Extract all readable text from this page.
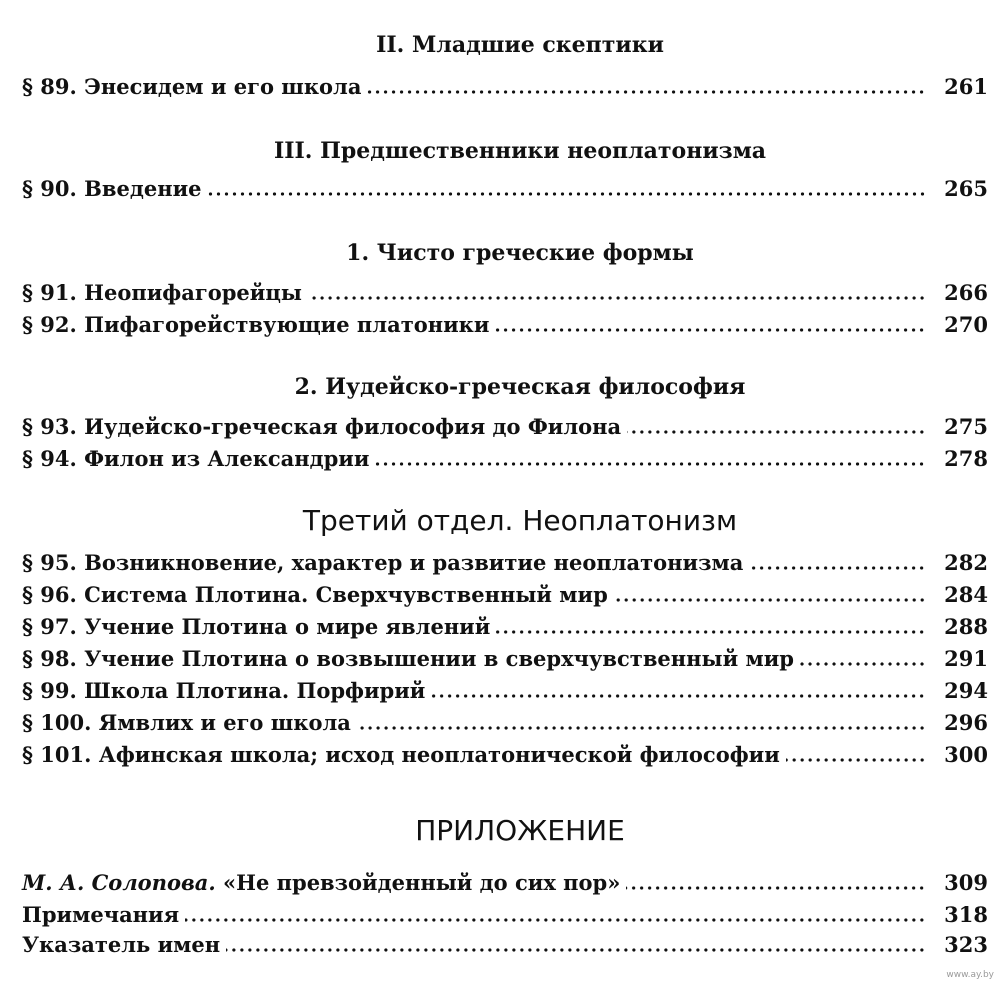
II. Младшие скептики
§ 89. Энесидем и его школа	261
III. Предшественники неоплатонизма
§ 90. Введение	265
1. Чисто греческие формы
§ 91. Неопифагорейцы	266
§ 92. Пифагорействующие платоники	270
2. Иудейско-греческая философия
§ 93. Иудейско-греческая философия до Филона	275
§ 94. Филон из Александрии	278
Третий отдел. Неоплатонизм
§ 95. Возникновение, характер и развитие неоплатонизма	282
§ 96. Система Плотина. Сверхчувственный мир	284
§ 97. Учение Плотина о мире явлений	288
§ 98. Учение Плотина о возвышении в сверхчувственный мир	291
§ 99. Школа Плотина. Порфирий	294
§ 100. Ямвлих и его школа	296
§ 101. Афинская школа; исход неоплатонической философии	300
ПРИЛОЖЕНИЕ
М. А. Солопова. «Не превзойденный до сих пор»	309
Примечания	318
Указатель имен	323
www.ay.by
